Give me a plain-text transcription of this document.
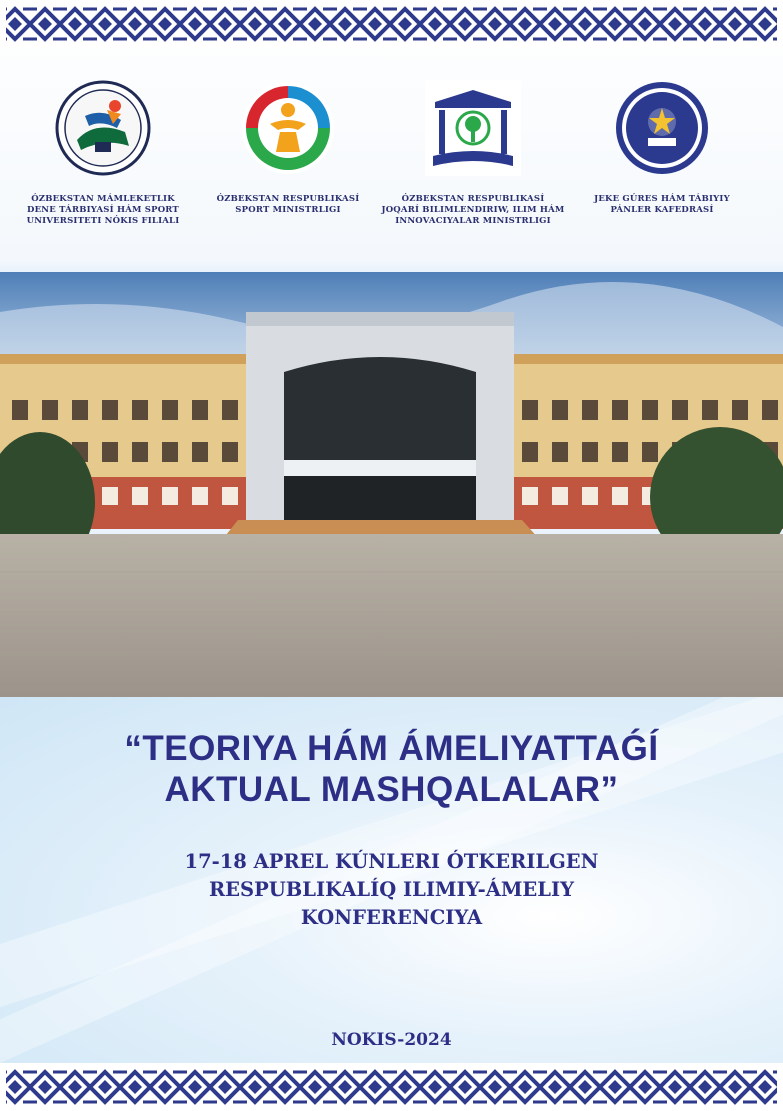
ÓZBEKSTAN MÁMLEKETLIK
DENE TÁRBIYASÍ HÁM SPORT
UNIVERSITETI NÓKIS FILIALI
ÓZBEKSTAN RESPUBLIKASÍ
SPORT MINISTRLIGI
ÓZBEKSTAN RESPUBLIKASÍ
JOQARÍ BILIMLENDIRIW, ILIM HÁM
INNOVACIYALAR MINISTRLIGI
JEKE GÚRES HÁM TÁBIYIY
PÁNLER KAFEDRASÍ
“TEORIYA HÁM ÁMELIYATTAǴÍ
AKTUAL MASHQALALAR”
17-18 APREL KÚNLERI ÓTKERILGEN
RESPUBLIKALÍQ ILIMIY-ÁMELIY
KONFERENCIYA
NOKIS-2024
